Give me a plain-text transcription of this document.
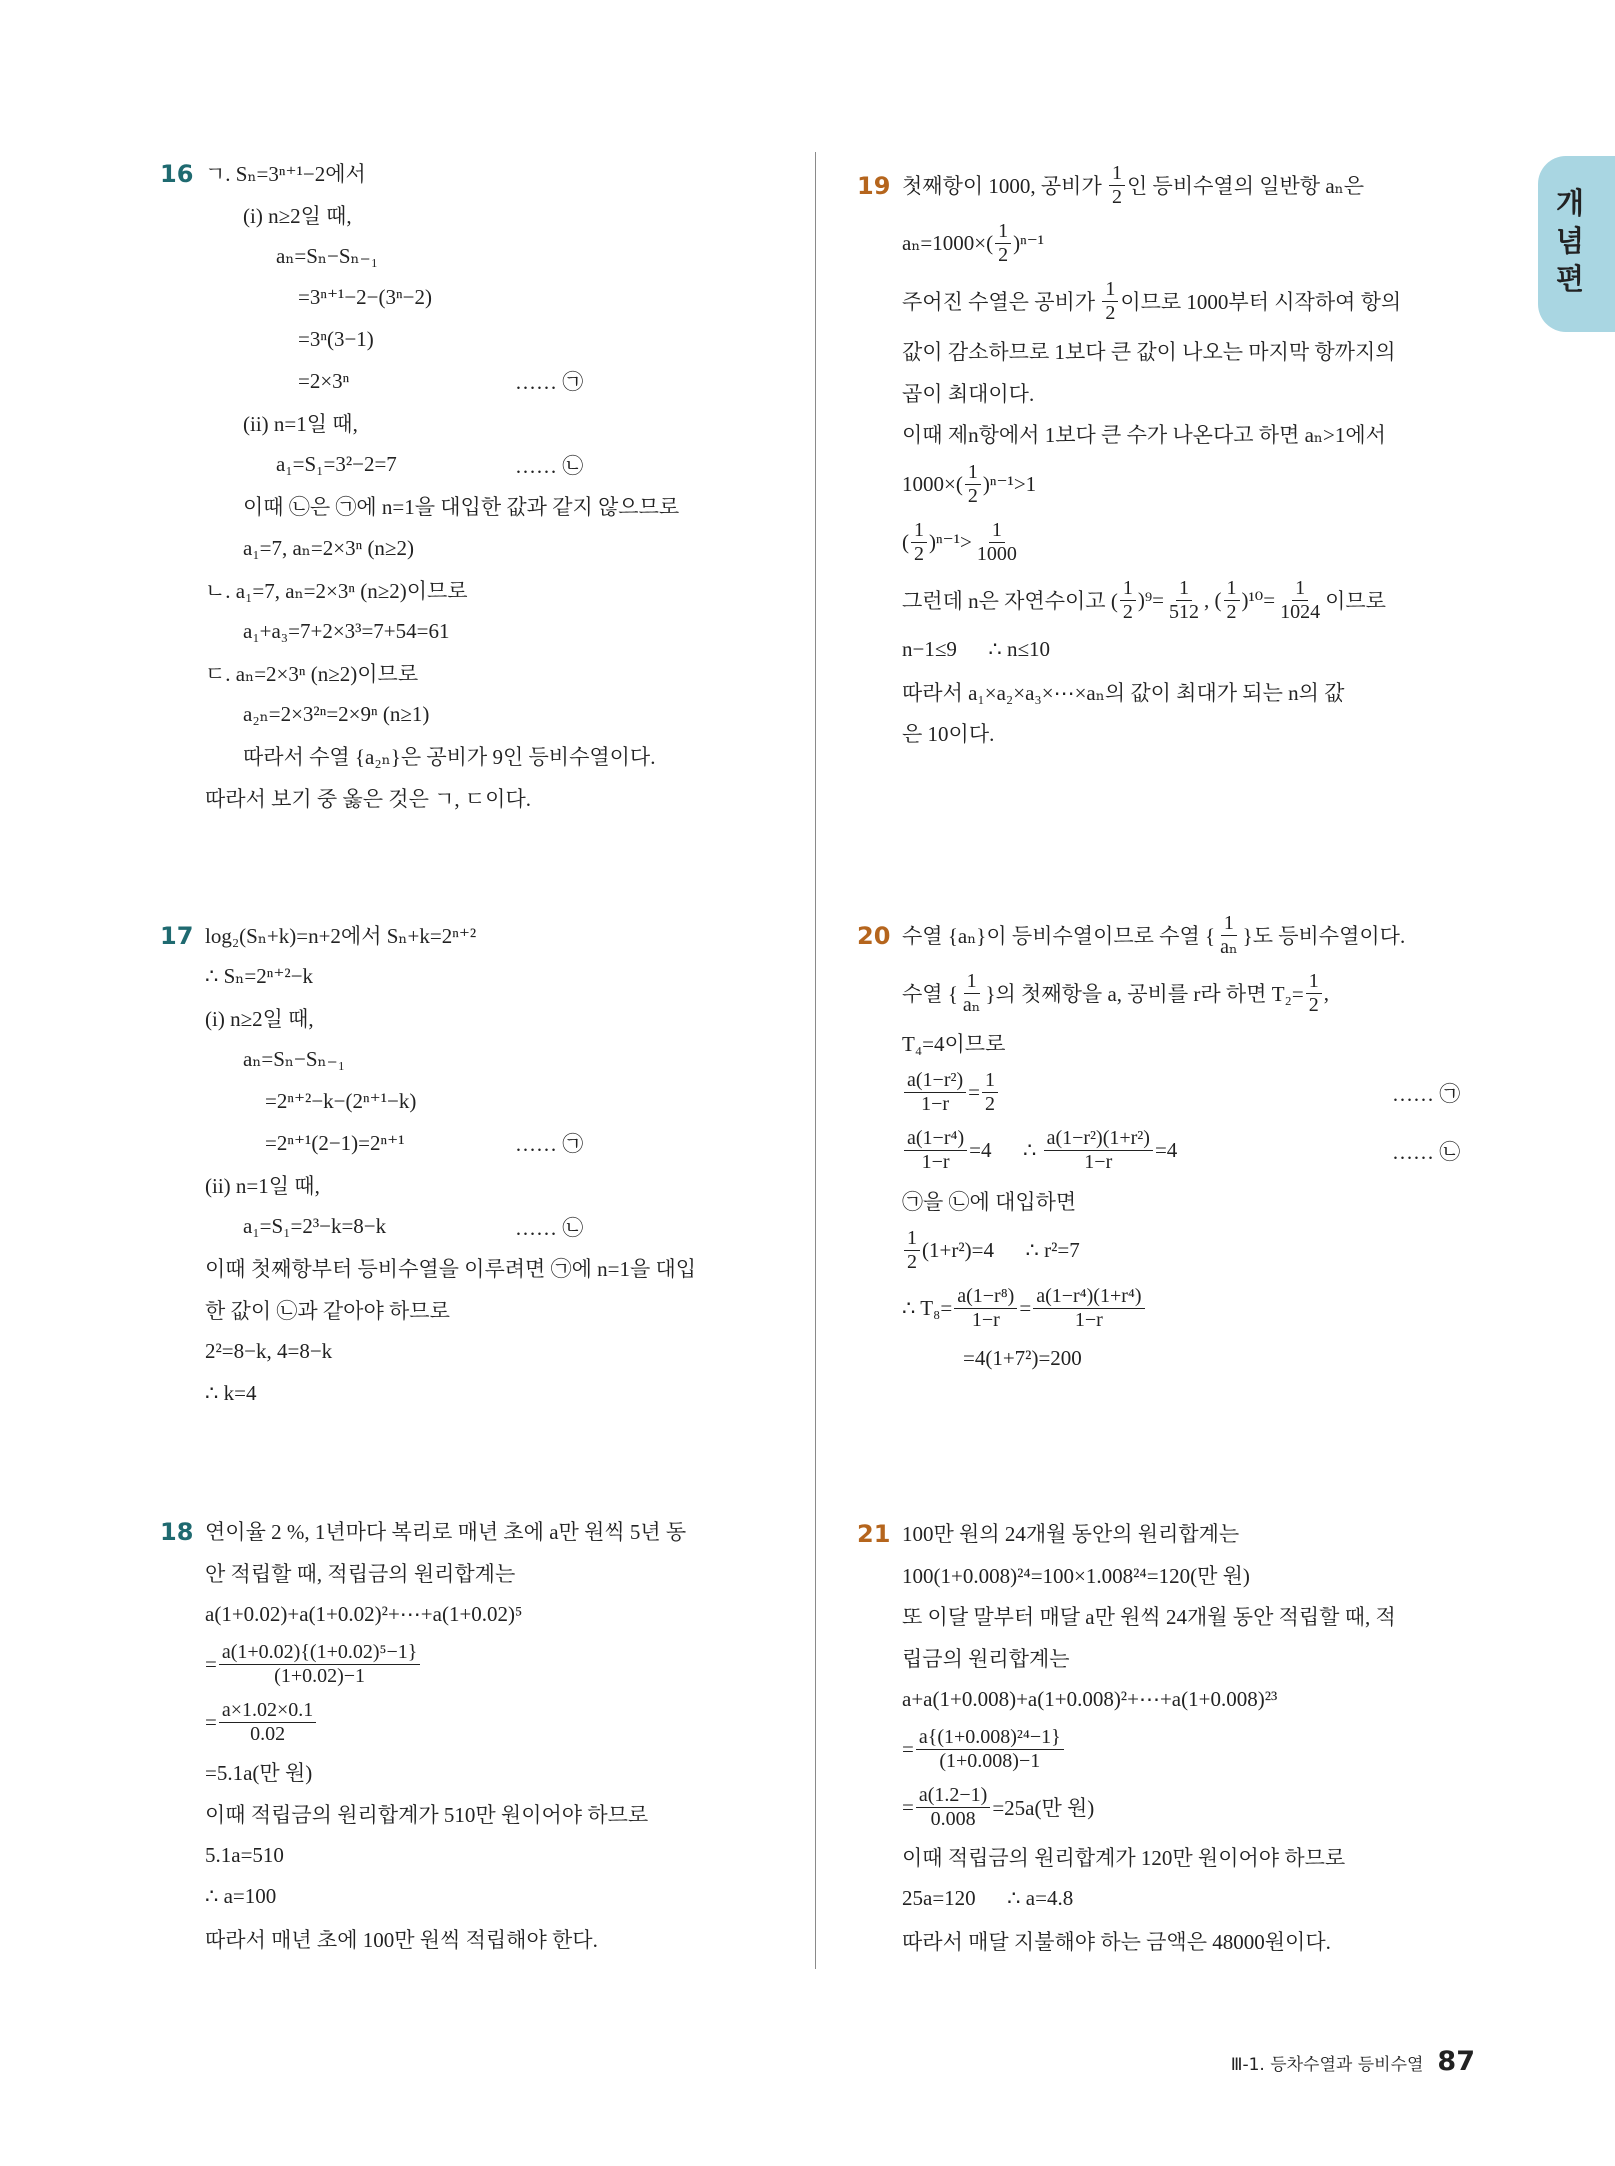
16 ㄱ. Sₙ=3ⁿ⁺¹−2에서
(i) n≥2일 때,
aₙ=Sₙ−Sₙ₋₁
=3ⁿ⁺¹−2−(3ⁿ−2)
=3ⁿ(3−1)
=2×3ⁿ	…… ㉠
(ii) n=1일 때,
a₁=S₁=3²−2=7	…… ㉡
이때 ㉡은 ㉠에 n=1을 대입한 값과 같지 않으므로
a₁=7, aₙ=2×3ⁿ (n≥2)
ㄴ. a₁=7, aₙ=2×3ⁿ (n≥2)이므로
a₁+a₃=7+2×3³=7+54=61
ㄷ. aₙ=2×3ⁿ (n≥2)이므로
a₂ₙ=2×3²ⁿ=2×9ⁿ (n≥1)
따라서 수열 {a₂ₙ}은 공비가 9인 등비수열이다.
따라서 보기 중 옳은 것은 ㄱ, ㄷ이다.
17 log₂(Sₙ+k)=n+2에서 Sₙ+k=2ⁿ⁺²
∴ Sₙ=2ⁿ⁺²−k
(i) n≥2일 때,
aₙ=Sₙ−Sₙ₋₁
=2ⁿ⁺²−k−(2ⁿ⁺¹−k)
=2ⁿ⁺¹(2−1)=2ⁿ⁺¹	…… ㉠
(ii) n=1일 때,
a₁=S₁=2³−k=8−k	…… ㉡
이때 첫째항부터 등비수열을 이루려면 ㉠에 n=1을 대입
한 값이 ㉡과 같아야 하므로
2²=8−k, 4=8−k
∴ k=4
18 연이율 2 %, 1년마다 복리로 매년 초에 a만 원씩 5년 동
안 적립할 때, 적립금의 원리합계는
a(1+0.02)+a(1+0.02)²+⋯+a(1+0.02)⁵
= $\frac{\text{a(1+0.02)\{(1+0.02)⁵−1\}}}{(1+0.02)-1}$
= $\frac{a\times 1.02\times 0.1}{0.02}$
=5.1a(만 원)
이때 적립금의 원리합계가 510만 원이어야 하므로
5.1a=510
∴ a=100
따라서 매년 초에 100만 원씩 적립해야 한다.
19 첫째항이 1000, 공비가 $\frac{1}{2}$ 인 등비수열의 일반항 aₙ은
$a_n=1000\times( \frac{1}{2} )^{n-1}$
주어진 수열은 공비가 $\frac{1}{2}$ 이므로 1000부터 시작하여 항의
값이 감소하므로 1보다 큰 값이 나오는 마지막 항까지의
곱이 최대이다.
이때 제n항에서 1보다 큰 수가 나온다고 하면 aₙ>1에서
$1000\times( \frac{1}{2} )^{n-1}>1$
( $\frac{1}{2} )^{n-1}> \frac{1}{1000}$
그런데 n은 자연수이고 ( $\frac{1}{2} )^9= \frac{1}{512}$ , ( $\frac{1}{2} )^{10}= \frac{1}{1024}$ 이므로
n−1≤9      ∴ n≤10
따라서 a₁×a₂×a₃×⋯×aₙ의 값이 최대가 되는 n의 값
은 10이다.
20 수열 {aₙ}이 등비수열이므로 수열 { $\frac{1}{\text{aₙ}}$ }도 등비수열이다.
수열 { $\frac{1}{\text{aₙ}}$ }의 첫째항을 a, 공비를 r라 하면 $T_2= \frac{1}{2}$ ,
T₄=4이므로
$\frac{\text{a(1−r²)}}{1-r} = \frac{1}{2}$	…… ㉠
$\frac{\text{a(1−r⁴)}}{1-r} =4$      ∴ $\frac{\text{a(1−r²)(1+r²)}}{1-r} =4$	…… ㉡
㉠을 ㉡에 대입하면
$\frac{1}{2} (1+r^2)=4$      ∴ r²=7
∴ $T_8= \frac{\text{a(1−r⁸)}}{1-r} = \frac{\text{a(1−r⁴)(1+r⁴)}}{1-r}$
=4(1+7²)=200
21 100만 원의 24개월 동안의 원리합계는
100(1+0.008)²⁴=100×1.008²⁴=120(만 원)
또 이달 말부터 매달 a만 원씩 24개월 동안 적립할 때, 적
립금의 원리합계는
a+a(1+0.008)+a(1+0.008)²+⋯+a(1+0.008)²³
= $\frac{\text{a\{(1+0.008)²⁴−1\}}}{(1+0.008)-1}$
= $\frac{a(1.2-1)}{0.008} =25a$(만 원)
이때 적립금의 원리합계가 120만 원이어야 하므로
25a=120      ∴ a=4.8
따라서 매달 지불해야 하는 금액은 48000원이다.
개념편
Ⅲ-1. 등차수열과 등비수열 87
